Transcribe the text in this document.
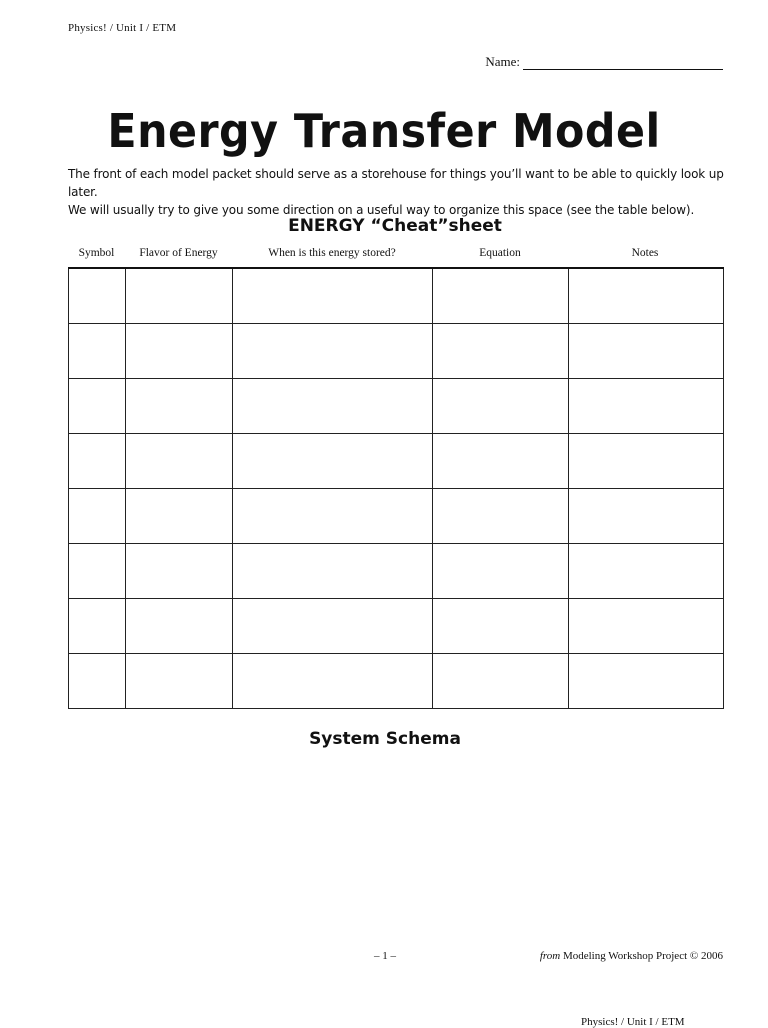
Physics! / Unit I / ETM
Name:
Energy Transfer Model

The front of each model packet should serve as a storehouse for things you’ll want to be able to quickly look up later.

We will usually try to give you some direction on a useful way to organize this space (see the table below).

ENERGY “Cheat”sheet
Symbol	Flavor of Energy	When is this energy stored?	Equation	Notes

System Schema
– 1 –	from Modeling Workshop Project © 2006
Physics! / Unit I / ETM
